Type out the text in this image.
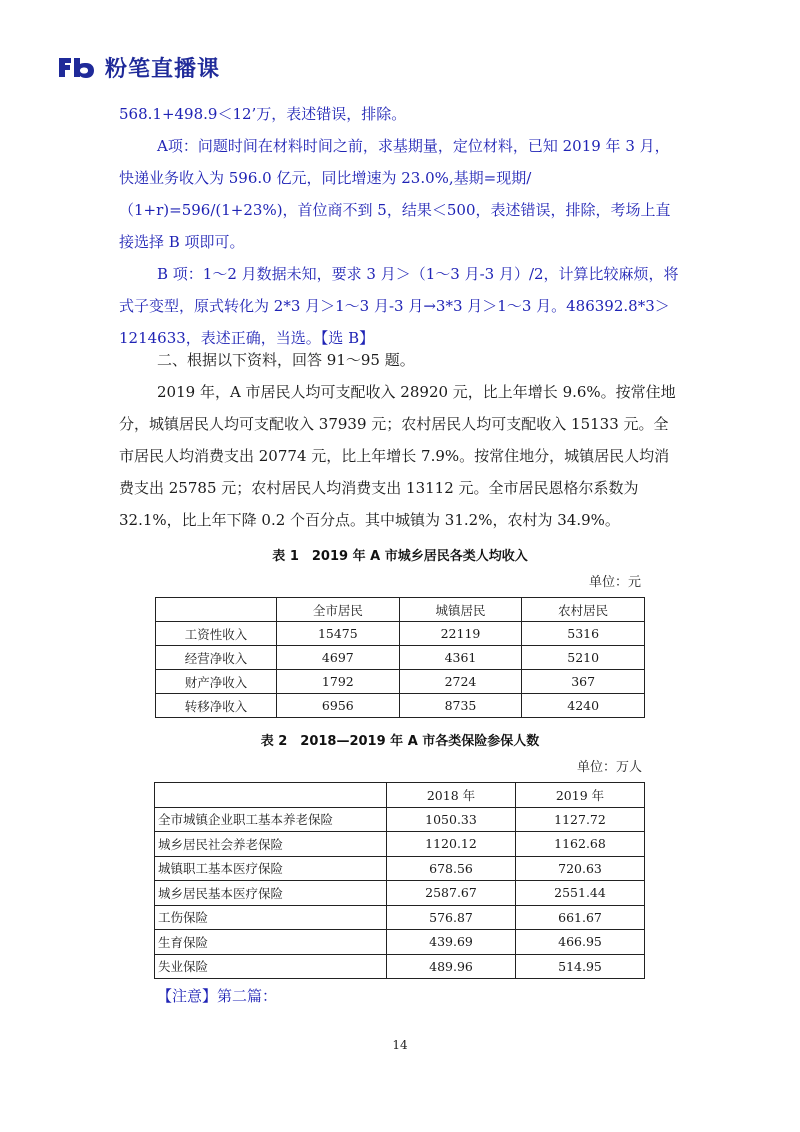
粉笔直播课

568.1+498.9＜12’万，表述错误，排除。

A项：问题时间在材料时间之前，求基期量，定位材料，已知 2019 年 3 月，快递业务收入为 596.0 亿元，同比增速为 23.0%,基期=现期/（1+r)=596/(1+23%)，首位商不到 5，结果＜500，表述错误，排除，考场上直接选择 B 项即可。

B 项：1～2 月数据未知，要求 3 月＞（1～3 月-3 月）/2，计算比较麻烦，将式子变型，原式转化为 2*3 月＞1～3 月-3 月→3*3 月＞1～3 月。486392.8*3＞1214633，表述正确，当选。【选 B】

二、根据以下资料，回答 91～95 题。

2019 年，A 市居民人均可支配收入 28920 元，比上年增长 9.6%。按常住地分，城镇居民人均可支配收入 37939 元；农村居民人均可支配收入 15133 元。全市居民人均消费支出 20774 元，比上年增长 7.9%。按常住地分，城镇居民人均消费支出 25785 元；农村居民人均消费支出 13112 元。全市居民恩格尔系数为 32.1%，比上年下降 0.2 个百分点。其中城镇为 31.2%，农村为 34.9%。

表 1　2019 年 A 市城乡居民各类人均收入
单位：元
	全市居民	城镇居民	农村居民
工资性收入	15475	22119	5316
经营净收入	4697	4361	5210
财产净收入	1792	2724	367
转移净收入	6956	8735	4240
表 2　2018—2019 年 A 市各类保险参保人数
单位：万人
	2018 年	2019 年
全市城镇企业职工基本养老保险	1050.33	1127.72
城乡居民社会养老保险	1120.12	1162.68
城镇职工基本医疗保险	678.56	720.63
城乡居民基本医疗保险	2587.67	2551.44
工伤保险	576.87	661.67
生育保险	439.69	466.95
失业保险	489.96	514.95
【注意】第二篇：
14
